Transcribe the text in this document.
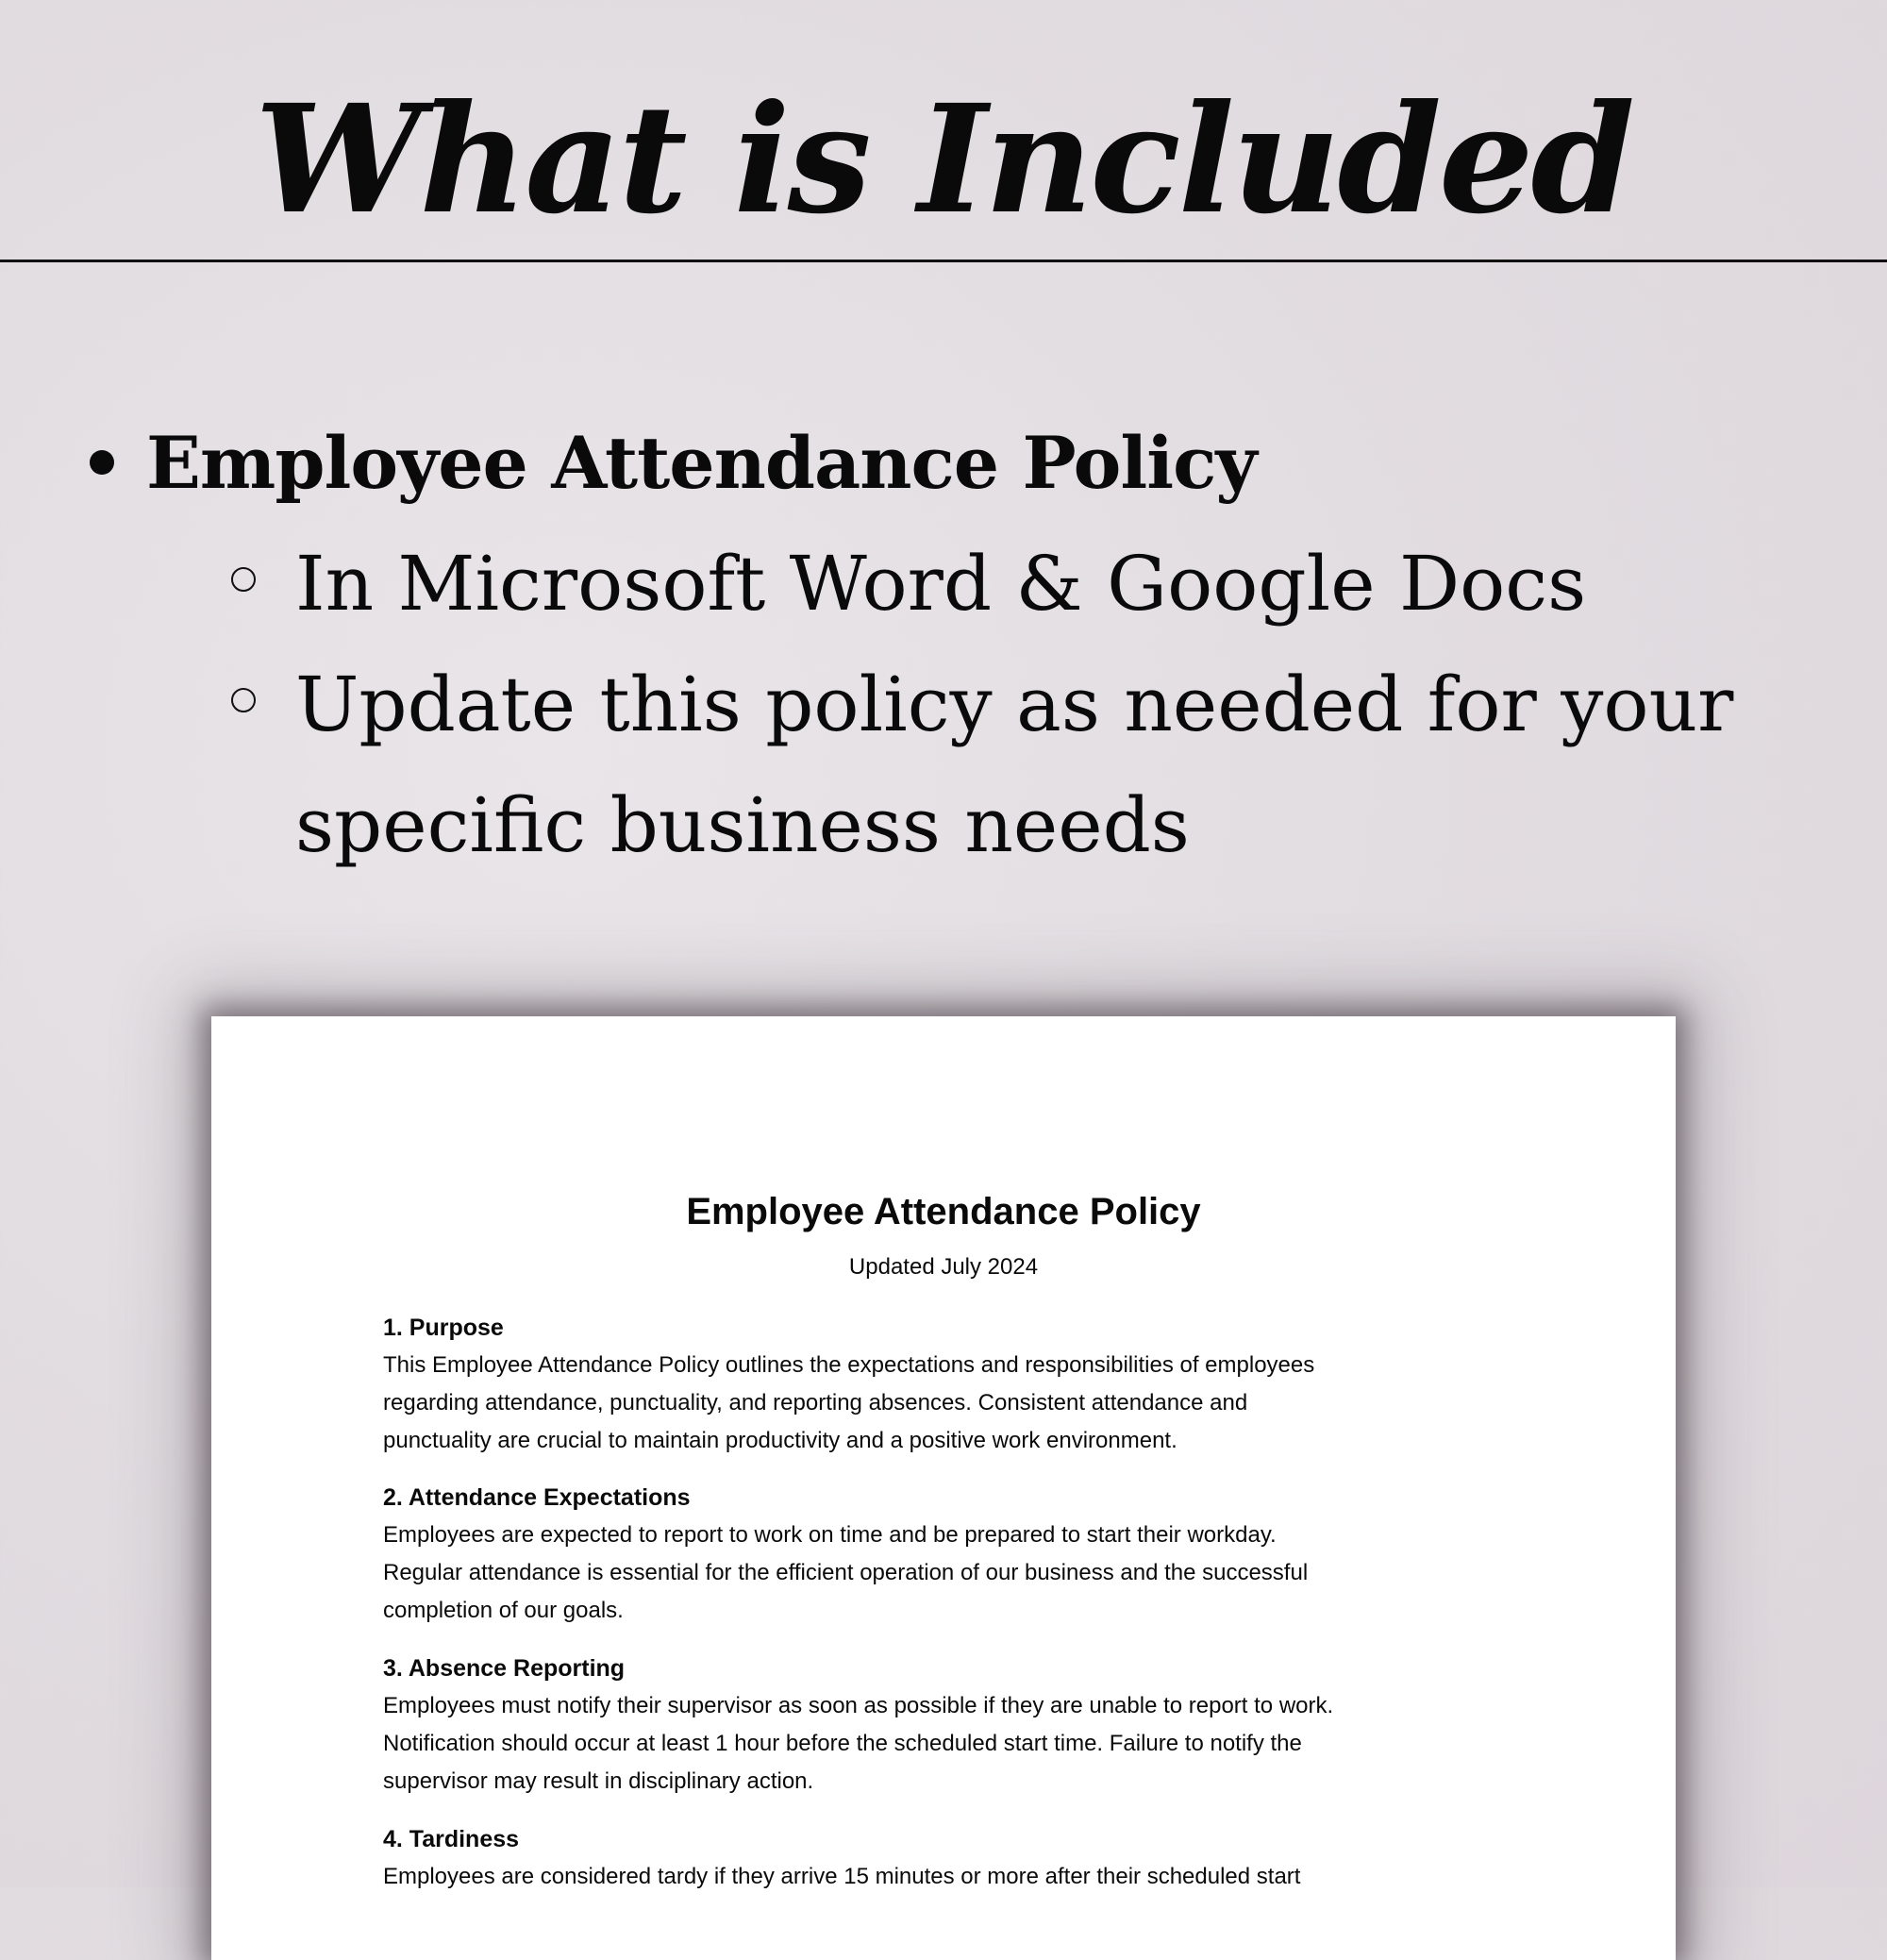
What is Included
Employee Attendance Policy
In Microsoft Word & Google Docs
Update this policy as needed for your specific business needs
Employee Attendance Policy
Updated July 2024
1. Purpose

This Employee Attendance Policy outlines the expectations and responsibilities of employees

regarding attendance, punctuality, and reporting absences. Consistent attendance and

punctuality are crucial to maintain productivity and a positive work environment.

2. Attendance Expectations

Employees are expected to report to work on time and be prepared to start their workday.

Regular attendance is essential for the efficient operation of our business and the successful

completion of our goals.

3. Absence Reporting

Employees must notify their supervisor as soon as possible if they are unable to report to work.

Notification should occur at least 1 hour before the scheduled start time. Failure to notify the

supervisor may result in disciplinary action.

4. Tardiness

Employees are considered tardy if they arrive 15 minutes or more after their scheduled start
